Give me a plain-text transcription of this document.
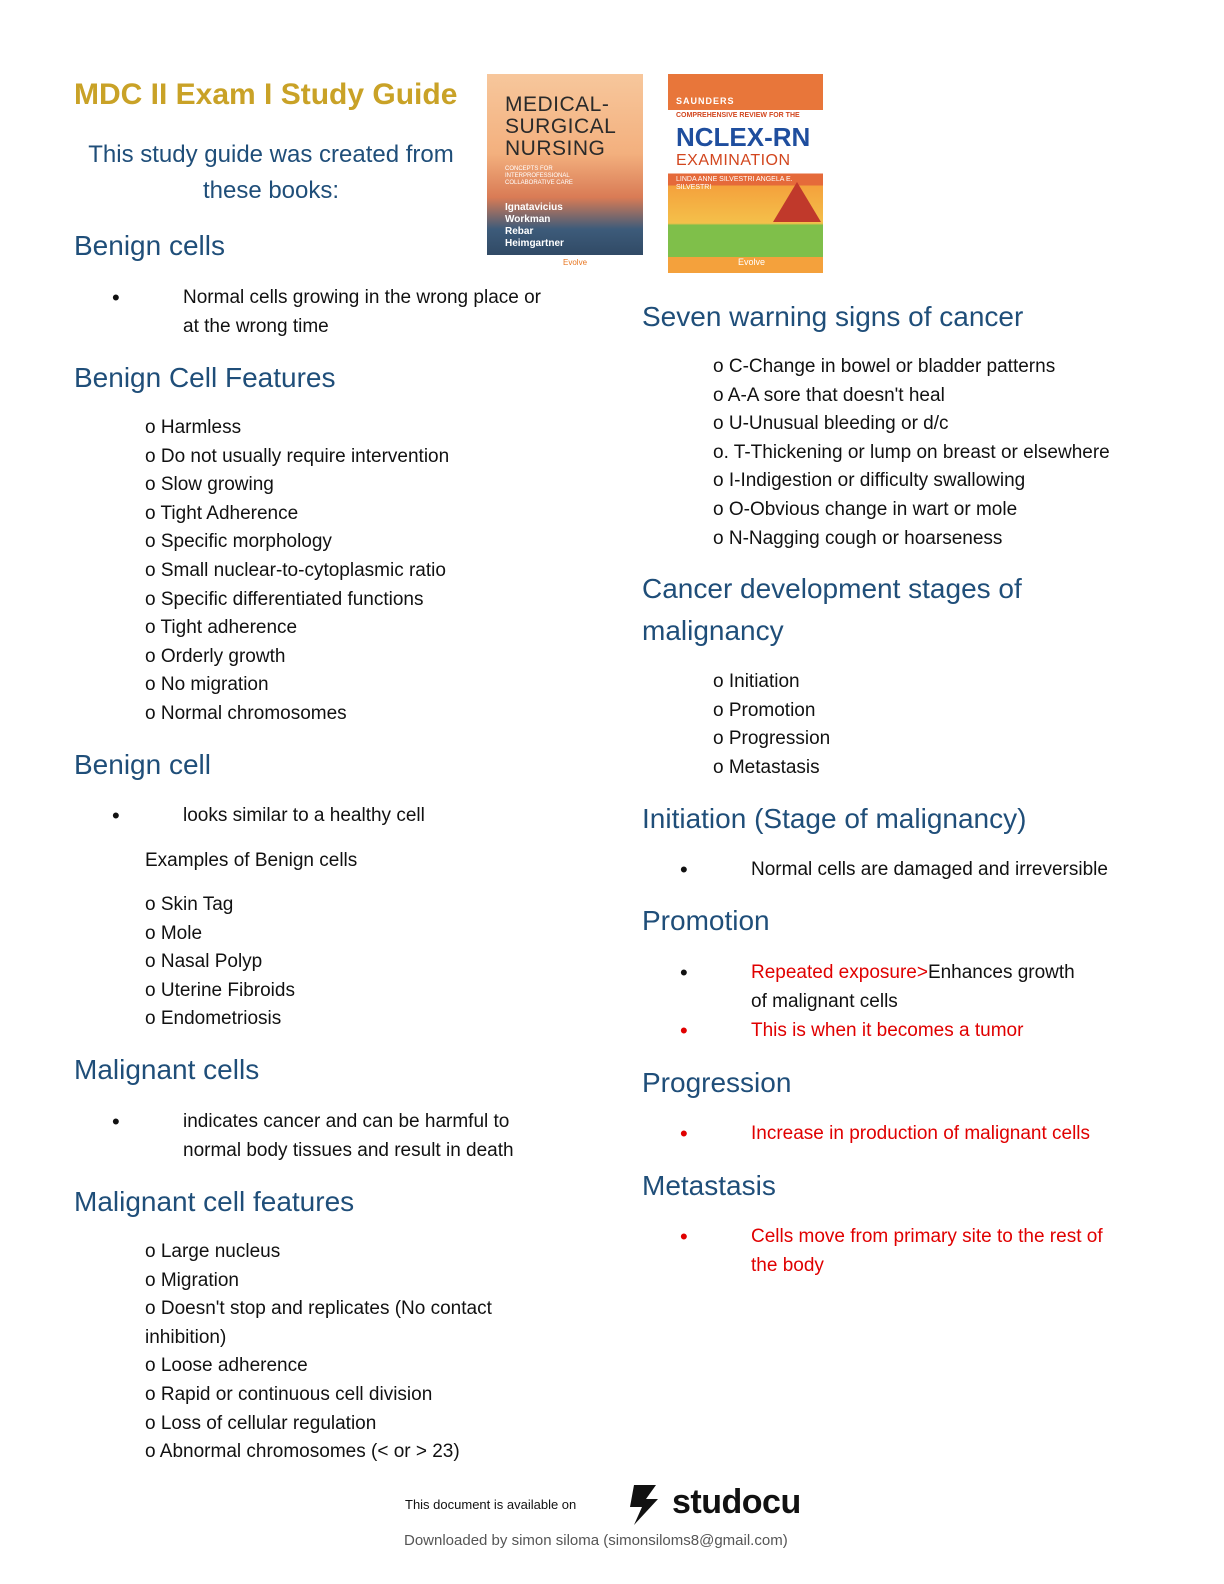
MDC II Exam I Study Guide
This study guide was created from these books:
MEDICAL-
SURGICAL
NURSING
CONCEPTS FOR INTERPROFESSIONAL COLLABORATIVE CARE
Ignatavicius
Workman
Rebar
Heimgartner
Evolve
SAUNDERS
COMPREHENSIVE REVIEW FOR THE
NCLEX-RN
EXAMINATION
LINDA ANNE SILVESTRI ANGELA E. SILVESTRI
Evolve
Benign cells
• Normal cells growing in the wrong place or at the wrong time
Benign Cell Features
o Harmless
o Do not usually require intervention
o Slow growing
o Tight Adherence
o Specific morphology
o Small nuclear-to-cytoplasmic ratio
o Specific differentiated functions
o Tight adherence
o Orderly growth
o No migration
o Normal chromosomes
Benign cell
• looks similar to a healthy cell
Examples of Benign cells
o Skin Tag
o Mole
o Nasal Polyp
o Uterine Fibroids
o Endometriosis
Malignant cells
• indicates cancer and can be harmful to normal body tissues and result in death
Malignant cell features
o Large nucleus
o Migration
o Doesn't stop and replicates (No contact
inhibition)
o Loose adherence
o Rapid or continuous cell division
o Loss of cellular regulation
o Abnormal chromosomes (< or > 23)
Seven warning signs of cancer
o C-Change in bowel or bladder patterns
o A-A sore that doesn't heal
o U-Unusual bleeding or d/c
o. T-Thickening or lump on breast or elsewhere
o I-Indigestion or difficulty swallowing
o O-Obvious change in wart or mole
o N-Nagging cough or hoarseness
Cancer development stages of
malignancy
o Initiation
o Promotion
o Progression
o Metastasis
Initiation (Stage of malignancy)
• Normal cells are damaged and irreversible
Promotion
• Repeated exposure>Enhances growth of malignant cells
• This is when it becomes a tumor
Progression
• Increase in production of malignant cells
Metastasis
• Cells move from primary site to the rest of the body
This document is available on	studocu
Downloaded by simon siloma (simonsiloms8@gmail.com)
